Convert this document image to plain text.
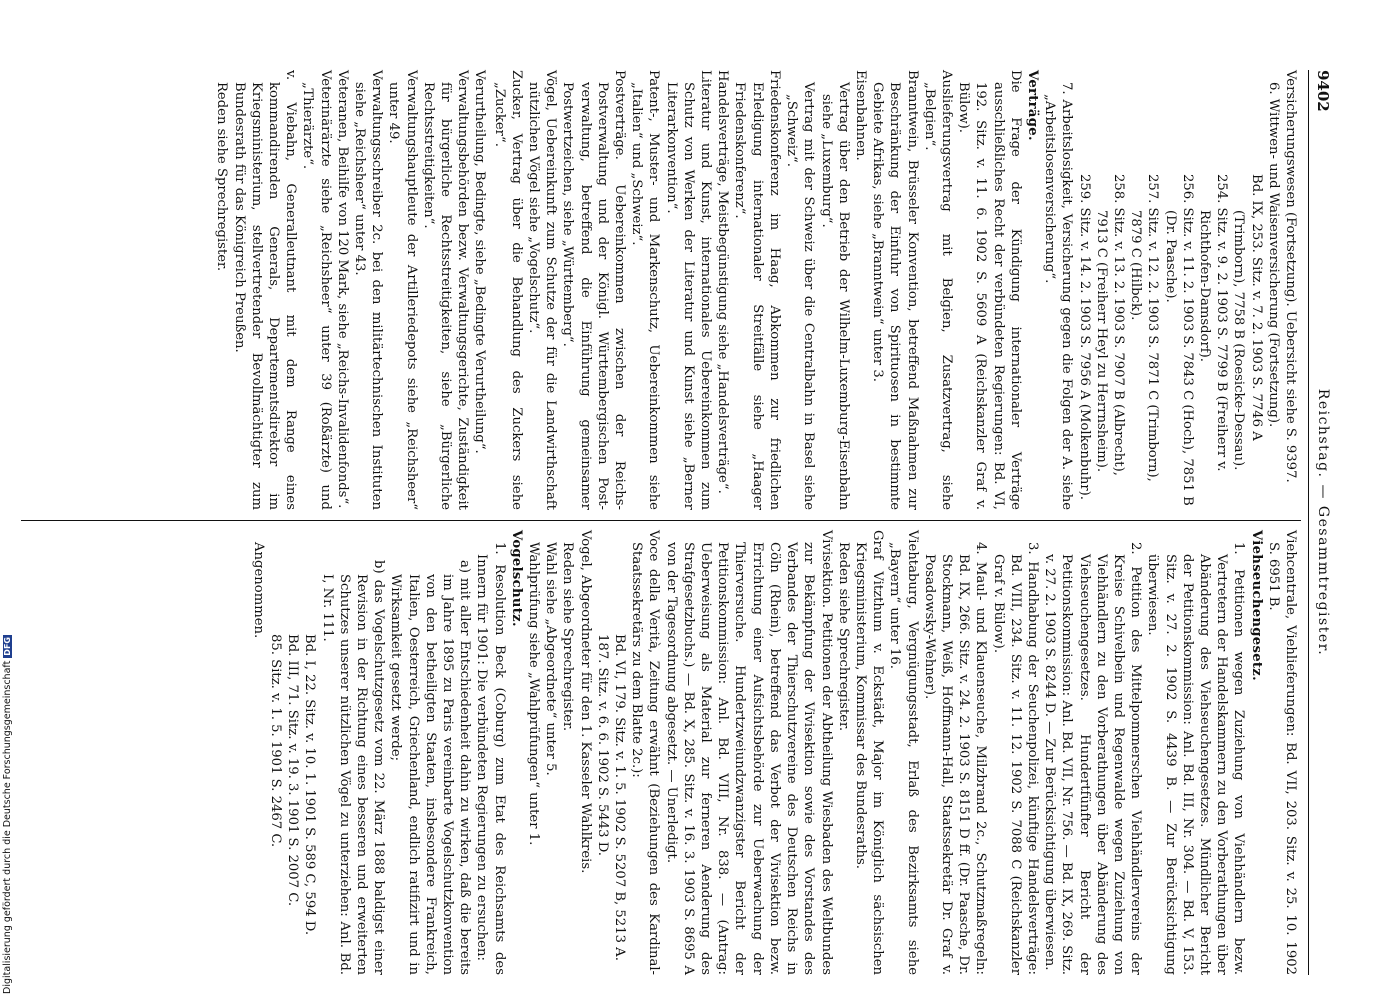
9402
Reichstag. — Gesammtregister.

Versicherungswesen (Fortsetzung). Uebersicht siehe S. 9397.

6. Wittwen- und Waisenversicherung (Fortsetzung).

Bd. IX, 253. Sitz. v. 7. 2. 1903 S. 7746 A (Trimborn), 7758 B (Roesicke-Dessau).

254. Sitz. v. 9. 2. 1903 S. 7799 B (Freiherr v. Richthofen-Damsdorf).

256. Sitz. v. 11. 2. 1903 S. 7843 C (Hoch), 7851 B (Dr. Paasche).

257. Sitz. v. 12. 2. 1903 S. 7871 C (Trimborn), 7879 C (Hilbck).

258. Sitz. v. 13. 2. 1903 S. 7907 B (Albrecht), 7913 C (Freiherr Heyl zu Herrnsheim).

259. Sitz. v. 14. 2. 1903 S. 7956 A (Molkenbuhr).

7. Arbeitslosigkeit, Versicherung gegen die Folgen der A. siehe „Arbeitslosenversicherung“.

Verträge.

Die Frage der Kündigung internationaler Verträge ausschließliches Recht der verbündeten Regierungen: Bd. VI, 192. Sitz. v. 11. 6. 1902 S. 5609 A (Reichskanzler Graf v. Bülow).

Auslieferungsvertrag mit Belgien, Zusatzvertrag, siehe „Belgien“.

Branntwein, Brüsseler Konvention, betreffend Maßnahmen zur Beschränkung der Einfuhr von Spirituosen in bestimmte Gebiete Afrikas, siehe „Branntwein“ unter 3.

Eisenbahnen.

Vertrag über den Betrieb der Wilhelm-Luxemburg-Eisenbahn siehe „Luxemburg“.

Vertrag mit der Schweiz über die Centralbahn in Basel siehe „Schweiz“.

Friedenskonferenz im Haag, Abkommen zur friedlichen Erledigung internationaler Streitfälle siehe „Haager Friedenskonferenz“.

Handelsverträge, Meistbegünstigung siehe „Handelsverträge“.

Literatur und Kunst, internationales Uebereinkommen zum Schutz von Werken der Literatur und Kunst siehe „Berner Literarkonvention“.

Patent-, Muster- und Markenschutz, Uebereinkommen siehe „Italien“ und „Schweiz“.

Postverträge. Uebereinkommen zwischen der Reichs-Postverwaltung und der Königl. Württembergischen Post-verwaltung, betreffend die Einführung gemeinsamer Postwertzeichen, siehe „Württemberg“.

Vögel, Uebereinkunft zum Schutze der für die Landwirthschaft nützlichen Vögel siehe „Vogelschutz“.

Zucker, Vertrag über die Behandlung des Zuckers siehe „Zucker“.

Verurtheilung, Bedingte, siehe „Bedingte Verurtheilung“.

Verwaltungsbehörden bezw. Verwaltungsgerichte, Zuständigkeit für bürgerliche Rechtsstreitigkeiten, siehe „Bürgerliche Rechtsstreitigkeiten“.

Verwaltungshauptleute der Artilleriedepots siehe „Reichsheer“ unter 49.

Verwaltungsschreiber 2c. bei den militärtechnischen Instituten siehe „Reichsheer“ unter 43.

Veteranen, Beihilfe von 120 Mark, siehe „Reichs-Invalidenfonds“.

Veterinärärzte siehe „Reichsheer“ unter 39 (Roßärzte) und „Thierärzte“.

v. Viebahn, Generalleutnant mit dem Range eines kommandirenden Generals, Departementsdirektor im Kriegsministerium, stellvertretender Bevollmächtigter zum Bundesrath für das Königreich Preußen.

Reden siehe Sprechregister.

Viehcentrale, Viehlieferungen: Bd. VII, 203. Sitz. v. 25. 10. 1902 S. 6951 B.

Viehseuchengesetz.

1. Petitionen wegen Zuziehung von Viehhändlern bezw. Vertretern der Handelskammern zu den Vorberathungen über Abänderung des Viehseuchengesetzes. Mündlicher Bericht der Petitionskommission: Anl. Bd. III, Nr. 304. — Bd. V, 153. Sitz. v. 27. 2. 1902 S. 4439 B. — Zur Berücksichtigung überwiesen.

2. Petition des Mittelpommerschen Viehhändlervereins der Kreise Schivelbein und Regenwalde wegen Zuziehung von Viehhändlern zu den Vorberathungen über Abänderung des Viehseuchengesetzes. Hundertfünfter Bericht der Petitionskommission: Anl. Bd. VII, Nr. 756. — Bd. IX, 269. Sitz. v. 27. 2. 1903 S. 8244 D. — Zur Berücksichtigung überwiesen.

3. Handhabung der Seuchenpolizei, künftige Handelsverträge: Bd. VIII, 234. Sitz. v. 11. 12. 1902 S. 7088 C (Reichskanzler Graf v. Bülow).

4. Maul- und Klauenseuche, Milzbrand 2c., Schutzmaßregeln: Bd. IX, 266. Sitz. v. 24. 2. 1903 S. 8151 D ff. (Dr. Paasche, Dr. Stockmann, Weiß, Hoffmann-Hall, Staatssekretär Dr. Graf v. Posadowsky-Wehner).

Viehtaburg, Vergnügungsstadt, Erlaß des Bezirksamts siehe „Bayern“ unter 16.

Graf Vitzthum v. Eckstädt, Major im Königlich sächsischen Kriegsministerium, Kommissar des Bundesraths.

Reden siehe Sprechregister.

Vivisektion. Petitionen der Abtheilung Wiesbaden des Weltbundes zur Bekämpfung der Vivisektion sowie des Vorstandes des Verbandes der Thierschutzvereine des Deutschen Reichs in Cöln (Rhein), betreffend das Verbot der Vivisektion bezw. Errichtung einer Aufsichtsbehörde zur Ueberwachung der Thierversuche. Hundertzweiundzwanzigster Bericht der Petitionskommission: Anl. Bd. VIII, Nr. 838. — (Antrag: Ueberweisung als Material zur ferneren Aenderung des Strafgesetzbuchs.) — Bd. X, 285. Sitz. v. 16. 3. 1903 S. 8695 A von der Tagesordnung abgesetzt. — Unerledigt.

Voce della Verità, Zeitung erwähnt (Beziehungen des Kardinal-Staatssekretärs zu dem Blatte 2c.):

Bd. VI, 179. Sitz. v. 1. 5. 1902 S. 5207 B, 5213 A.

187. Sitz. v. 6. 6. 1902 S. 5443 D.

Vogel, Abgeordneter für den 1. Kasseler Wahlkreis.

Reden siehe Sprechregister.

Wahl siehe „Abgeordnete“ unter 5.

Wahlprüfung siehe „Wahlprüfungen“ unter 1.

Vogelschutz.

1. Resolution Beck (Coburg) zum Etat des Reichsamts des Innern für 1901: Die verbündeten Regierungen zu ersuchen:

a) mit aller Entschiedenheit dahin zu wirken, daß die bereits im Jahre 1895 zu Paris vereinbarte Vogelschutzkonvention von den betheiligten Staaten, insbesondere Frankreich, Italien, Oesterreich, Griechenland, endlich ratifizirt und in Wirksamkeit gesetzt werde;

b) das Vogelschutzgesetz vom 22. März 1888 baldigst einer Revision in der Richtung eines besseren und erweiterten Schutzes unserer nützlichen Vögel zu unterziehen: Anl. Bd. I, Nr. 111.

Bd. I, 22. Sitz. v. 10. 1. 1901 S. 589 C, 594 D.

Bd. III, 71. Sitz. v. 19. 3. 1901 S. 2007 C.

85. Sitz. v. 1. 5. 1901 S. 2467 C.

Angenommen.

Digitalisierung gefördert durch die Deutsche ForschungsgemeinschaftDFG
